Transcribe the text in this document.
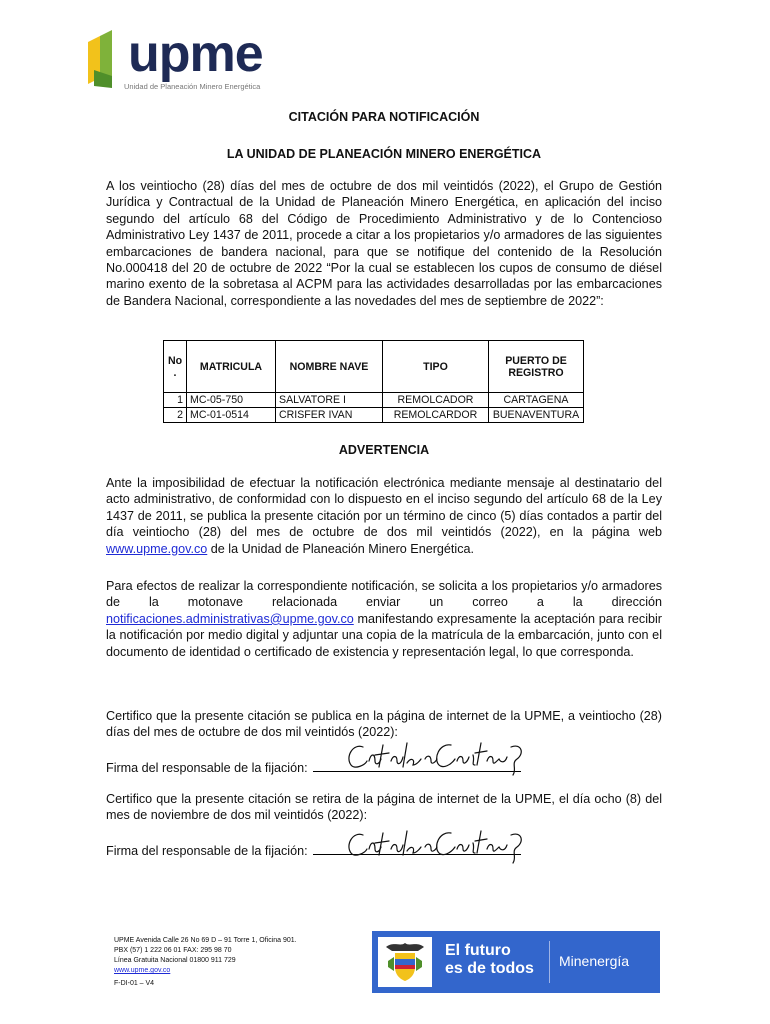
upme
Unidad de Planeación Minero Energética
CITACIÓN PARA NOTIFICACIÓN
LA UNIDAD DE PLANEACIÓN MINERO ENERGÉTICA
A los veintiocho (28) días del mes de octubre de dos mil veintidós (2022), el Grupo de Gestión Jurídica y Contractual de la Unidad de Planeación Minero Energética, en aplicación del inciso segundo del artículo 68 del Código de Procedimiento Administrativo y de lo Contencioso Administrativo Ley 1437 de 2011, procede a citar a los propietarios y/o armadores de las siguientes embarcaciones de bandera nacional, para que se notifique del contenido de la Resolución No.000418 del 20 de octubre de 2022 “Por la cual se establecen los cupos de consumo de diésel marino exento de la sobretasa al ACPM para las actividades desarrolladas por las embarcaciones de Bandera Nacional, correspondiente a las novedades del mes de septiembre de 2022”:
No .	MATRICULA	NOMBRE NAVE	TIPO	PUERTO DE REGISTRO
1	MC-05-750	SALVATORE I	REMOLCADOR	CARTAGENA
2	MC-01-0514	CRISFER IVAN	REMOLCARDOR	BUENAVENTURA
ADVERTENCIA
Ante la imposibilidad de efectuar la notificación electrónica mediante mensaje al destinatario del acto administrativo, de conformidad con lo dispuesto en el inciso segundo del artículo 68 de la Ley 1437 de 2011, se publica la presente citación por un término de cinco (5) días contados a partir del día veintiocho (28) del mes de octubre de dos mil veintidós (2022), en la página web www.upme.gov.co de la Unidad de Planeación Minero Energética.
Para efectos de realizar la correspondiente notificación, se solicita a los propietarios y/o armadores de la motonave relacionada enviar un correo a la dirección notificaciones.administrativas@upme.gov.co manifestando expresamente la aceptación para recibir la notificación por medio digital y adjuntar una copia de la matrícula de la embarcación, junto con el documento de identidad o certificado de existencia y representación legal, lo que corresponda.
Certifico que la presente citación se publica en la página de internet de la UPME, a veintiocho (28) días del mes de octubre de dos mil veintidós (2022):
Firma del responsable de la fijación:
Certifico que la presente citación se retira de la página de internet de la UPME, el día ocho (8) del mes de noviembre de dos mil veintidós (2022):
Firma del responsable de la fijación:
UPME Avenida Calle 26 No 69 D – 91 Torre 1, Oficina 901.
PBX (57) 1 222 06 01 FAX: 295 98 70
Línea Gratuita Nacional 01800 911 729
www.upme.gov.co
F-DI-01 – V4
El futuro
es de todos Minenergía
